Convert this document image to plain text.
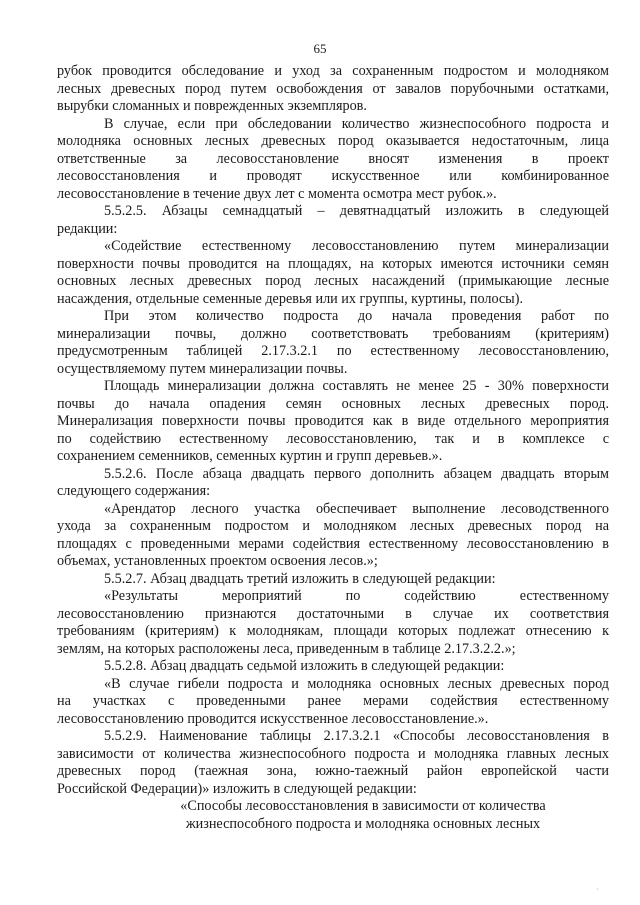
65

рубок проводится обследование и уход за сохраненным подростом и молодняком
лесных древесных пород путем освобождения от завалов порубочными остатками,
вырубки сломанных и поврежденных экземпляров.

В случае, если при обследовании количество жизнеспособного подроста и
молодняка основных лесных древесных пород оказывается недостаточным, лица
ответственные за лесовосстановление вносят изменения в проект
лесовосстановления и проводят искусственное или комбинированное
лесовосстановление в течение двух лет с момента осмотра мест рубок.».

5.5.2.5. Абзацы семнадцатый – девятнадцатый изложить в следующей
редакции:

«Содействие естественному лесовосстановлению путем минерализации
поверхности почвы проводится на площадях, на которых имеются источники семян
основных лесных древесных пород лесных насаждений (примыкающие лесные
насаждения, отдельные семенные деревья или их группы, куртины, полосы).

При этом количество подроста до начала проведения работ по
минерализации почвы, должно соответствовать требованиям (критериям)
предусмотренным таблицей 2.17.3.2.1 по естественному лесовосстановлению,
осуществляемому путем минерализации почвы.

Площадь минерализации должна составлять не менее 25 - 30% поверхности
почвы до начала опадения семян основных лесных древесных пород.
Минерализация поверхности почвы проводится как в виде отдельного мероприятия
по содействию естественному лесовосстановлению, так и в комплексе с
сохранением семенников, семенных куртин и групп деревьев.».

5.5.2.6. После абзаца двадцать первого дополнить абзацем двадцать вторым
следующего содержания:

«Арендатор лесного участка обеспечивает выполнение лесоводственного
ухода за сохраненным подростом и молодняком лесных древесных пород на
площадях с проведенными мерами содействия естественному лесовосстановлению в
объемах, установленных проектом освоения лесов.»;

5.5.2.7. Абзац двадцать третий изложить в следующей редакции:

«Результаты мероприятий по содействию естественному
лесовосстановлению признаются достаточными в случае их соответствия
требованиям (критериям) к молоднякам, площади которых подлежат отнесению к
землям, на которых расположены леса, приведенным в таблице 2.17.3.2.2.»;

5.5.2.8. Абзац двадцать седьмой изложить в следующей редакции:

«В случае гибели подроста и молодняка основных лесных древесных пород
на участках с проведенными ранее мерами содействия естественному
лесовосстановлению проводится искусственное лесовосстановление.».

5.5.2.9. Наименование таблицы 2.17.3.2.1 «Способы лесовосстановления в
зависимости от количества жизнеспособного подроста и молодняка главных лесных
древесных пород (таежная зона, южно-таежный район европейской части
Российской Федерации)» изложить в следующей редакции:

«Способы лесовосстановления в зависимости от количества
жизнеспособного подроста и молодняка основных лесных

·
